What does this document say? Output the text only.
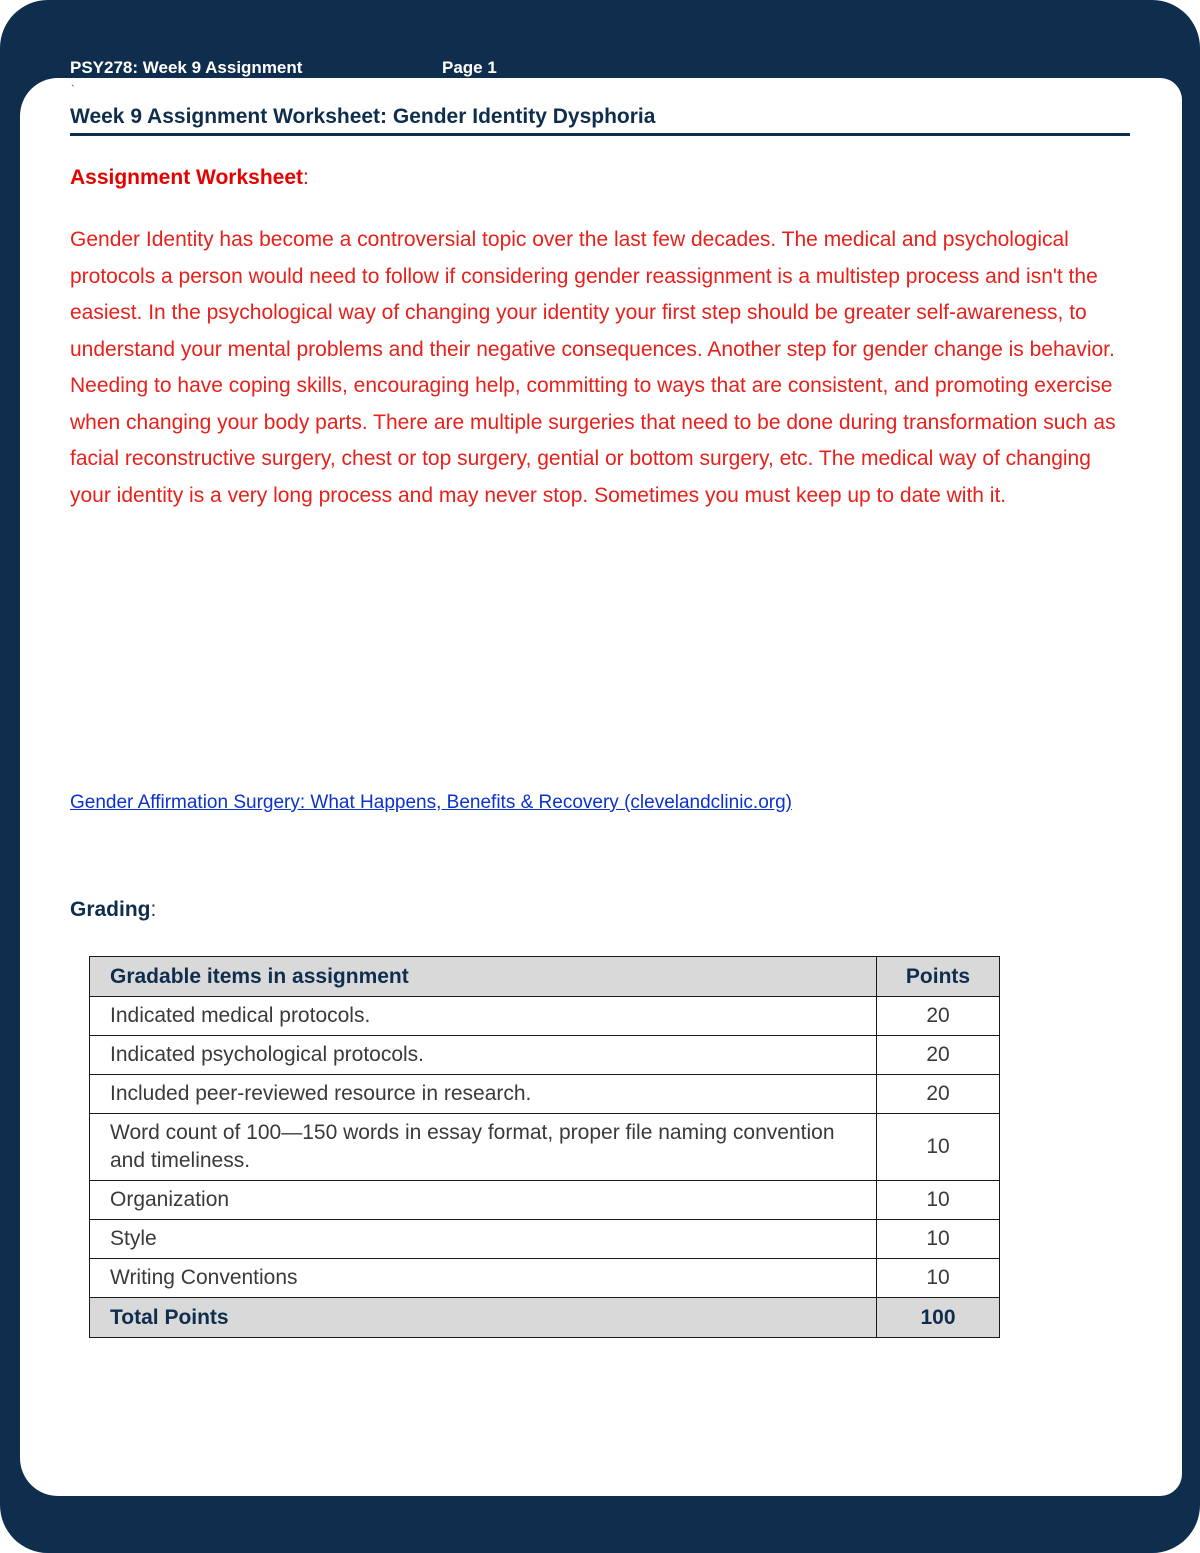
PSY278: Week 9 Assignment	Page 1
`
Week 9 Assignment Worksheet: Gender Identity Dysphoria
Assignment Worksheet:
Gender Identity has become a controversial topic over the last few decades. The medical and psychological protocols a person would need to follow if considering gender reassignment is a multistep process and isn't the easiest. In the psychological way of changing your identity your first step should be greater self-awareness, to understand your mental problems and their negative consequences. Another step for gender change is behavior. Needing to have coping skills, encouraging help, committing to ways that are consistent, and promoting exercise when changing your body parts. There are multiple surgeries that need to be done during transformation such as facial reconstructive surgery, chest or top surgery, gential or bottom surgery, etc. The medical way of changing your identity is a very long process and may never stop. Sometimes you must keep up to date with it.
Gender Affirmation Surgery: What Happens, Benefits & Recovery (clevelandclinic.org)
Grading:
Gradable items in assignment	Points
Indicated medical protocols.	20
Indicated psychological protocols.	20
Included peer-reviewed resource in research.	20
Word count of 100—150 words in essay format, proper file naming convention and timeliness.	10
Organization	10
Style	10
Writing Conventions	10
Total Points	100
